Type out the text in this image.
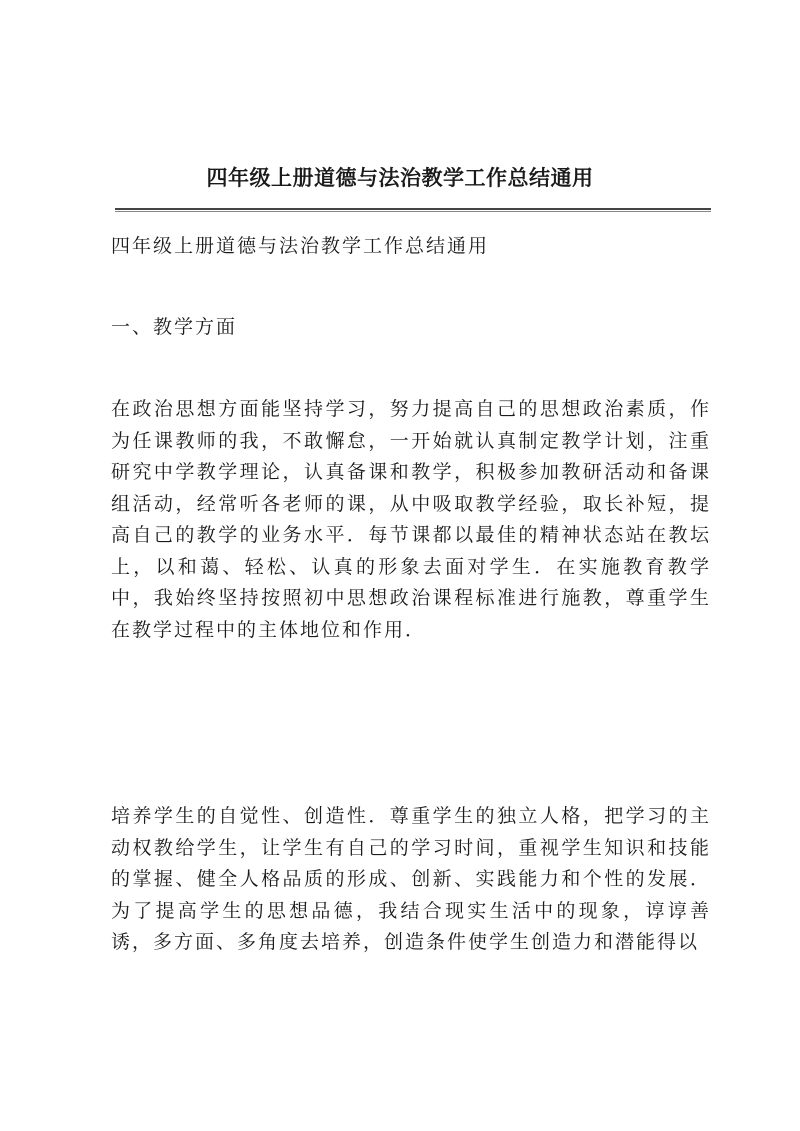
四年级上册道德与法治教学工作总结通用

四年级上册道德与法治教学工作总结通用

一、教学方面

在政治思想方面能坚持学习，努力提高自己的思想政治素质，作为任课教师的我，不敢懈怠，一开始就认真制定教学计划，注重研究中学教学理论，认真备课和教学，积极参加教研活动和备课组活动，经常听各老师的课，从中吸取教学经验，取长补短，提高自己的教学的业务水平．每节课都以最佳的精神状态站在教坛上，以和蔼、轻松、认真的形象去面对学生．在实施教育教学中，我始终坚持按照初中思想政治课程标准进行施教，尊重学生在教学过程中的主体地位和作用．

培养学生的自觉性、创造性．尊重学生的独立人格，把学习的主动权教给学生，让学生有自己的学习时间，重视学生知识和技能的掌握、健全人格品质的形成、创新、实践能力和个性的发展．为了提高学生的思想品德，我结合现实生活中的现象，谆谆善诱，多方面、多角度去培养，创造条件使学生创造力和潜能得以
